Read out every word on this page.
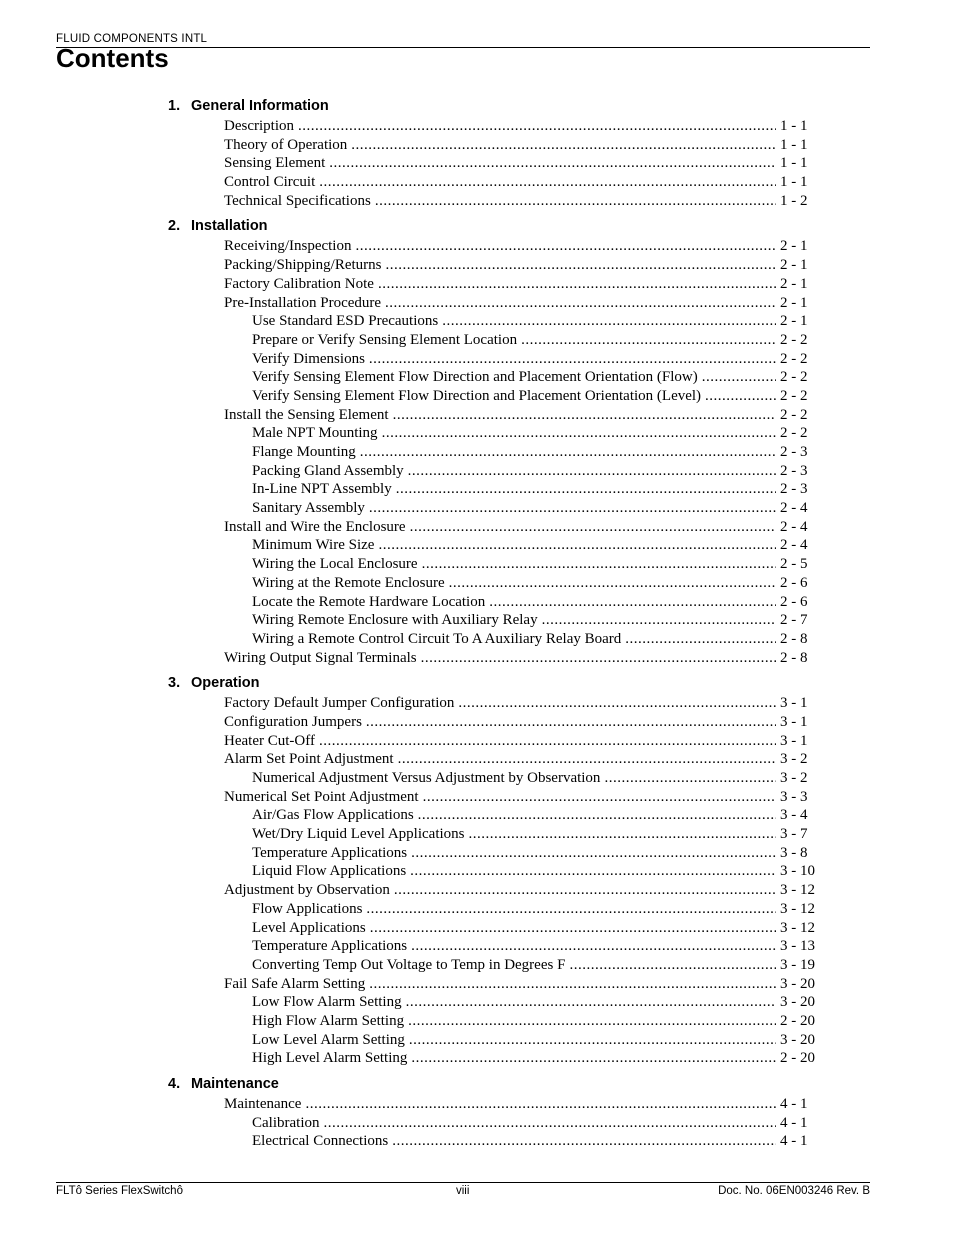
FLUID COMPONENTS INTL
Contents
1. General Information
Description .....	1 - 1
Theory of Operation .....	1 - 1
Sensing Element .....	1 - 1
Control Circuit .....	1 - 1
Technical Specifications .....	1 - 2
2. Installation
Receiving/Inspection .....	2 - 1
Packing/Shipping/Returns .....	2 - 1
Factory Calibration Note .....	2 - 1
Pre-Installation Procedure .....	2 - 1
Use Standard ESD Precautions .....	2 - 1
Prepare or Verify Sensing Element Location .....	2 - 2
Verify Dimensions .....	2 - 2
Verify Sensing Element Flow Direction and Placement Orientation (Flow) .....	2 - 2
Verify Sensing Element Flow Direction and Placement Orientation (Level) .....	2 - 2
Install the Sensing Element .....	2 - 2
Male NPT Mounting .....	2 - 2
Flange Mounting .....	2 - 3
Packing Gland Assembly .....	2 - 3
In-Line NPT Assembly .....	2 - 3
Sanitary Assembly .....	2 - 4
Install and Wire the Enclosure .....	2 - 4
Minimum Wire Size .....	2 - 4
Wiring the Local Enclosure .....	2 - 5
Wiring at the Remote Enclosure .....	2 - 6
Locate the Remote Hardware Location .....	2 - 6
Wiring Remote Enclosure with Auxiliary Relay .....	2 - 7
Wiring a Remote Control Circuit To A Auxiliary Relay Board .....	2 - 8
Wiring Output Signal Terminals .....	2 - 8
3. Operation
Factory Default Jumper Configuration .....	3 - 1
Configuration Jumpers .....	3 - 1
Heater Cut-Off .....	3 - 1
Alarm Set Point Adjustment .....	3 - 2
Numerical Adjustment Versus Adjustment by Observation .....	3 - 2
Numerical Set Point Adjustment .....	3 - 3
Air/Gas Flow Applications .....	3 - 4
Wet/Dry Liquid Level Applications .....	3 - 7
Temperature Applications .....	3 - 8
Liquid Flow Applications .....	3 - 10
Adjustment by Observation .....	3 - 12
Flow Applications .....	3 - 12
Level Applications .....	3 - 12
Temperature Applications .....	3 - 13
Converting Temp Out Voltage to Temp in Degrees F .....	3 - 19
Fail Safe Alarm Setting .....	3 - 20
Low Flow Alarm Setting .....	3 - 20
High Flow Alarm Setting .....	2 - 20
Low Level Alarm Setting .....	3 - 20
High Level Alarm Setting .....	2 - 20
4. Maintenance
Maintenance .....	4 - 1
Calibration .....	4 - 1
Electrical Connections .....	4 - 1
FLTô Series FlexSwitchô	viii	Doc. No. 06EN003246 Rev. B
